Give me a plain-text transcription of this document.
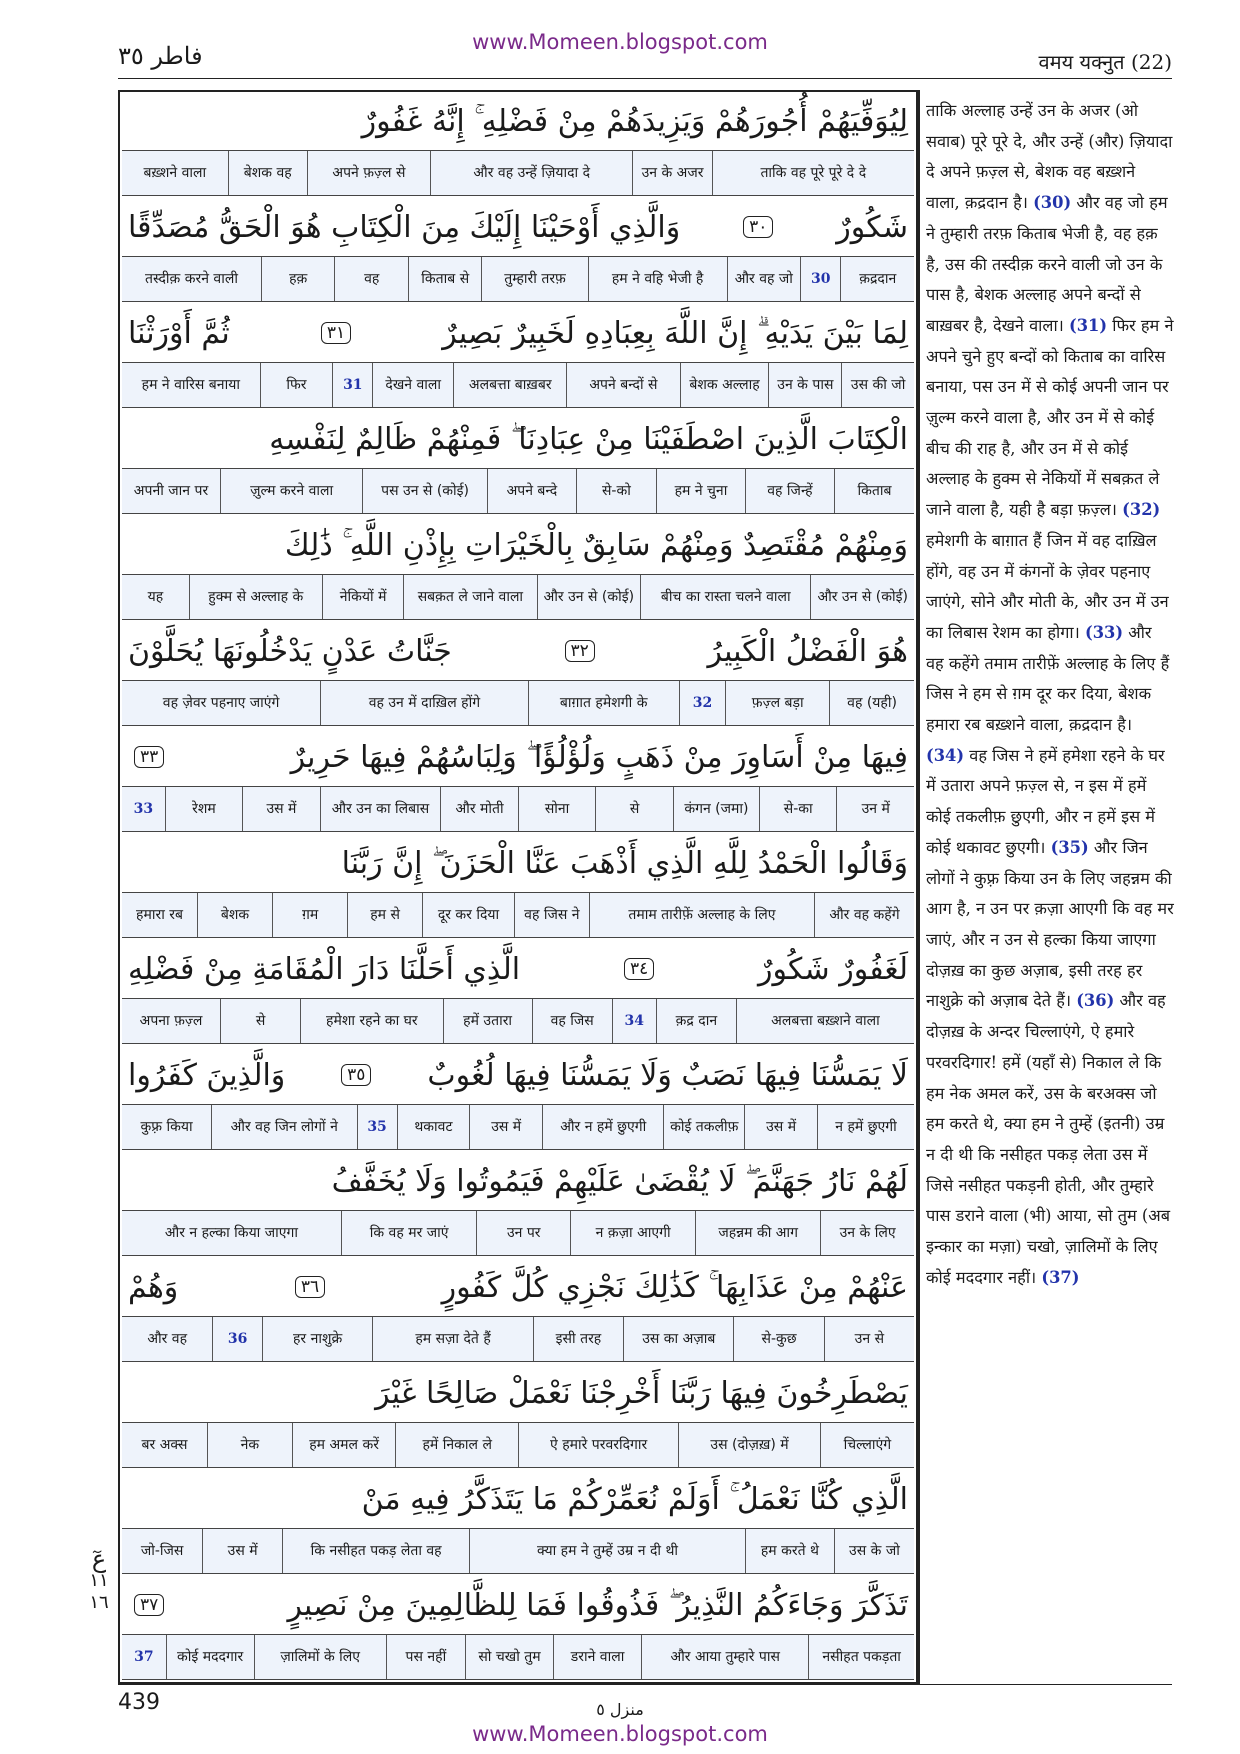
فاطر ٣٥	www.Momeen.blogspot.com
वमय यक्नुत (22)
لِيُوَفِّيَهُمْ أُجُورَهُمْ وَيَزِيدَهُمْ مِنْ فَضْلِهِ ۚ إِنَّهُ غَفُورٌ
ताकि वह पूरे पूरे दे दे
उन के अजर
और वह उन्हें ज़ियादा दे
अपने फ़ज़्ल से
बेशक वह
बख़्शने वाला
شَكُورٌ
٣٠
وَالَّذِي أَوْحَيْنَا إِلَيْكَ مِنَ الْكِتَابِ هُوَ الْحَقُّ مُصَدِّقًا
क़द्रदान
30
और वह जो
हम ने वहि भेजी है
तुम्हारी तरफ़
किताब से
वह
हक़
तस्दीक़ करने वाली
لِمَا بَيْنَ يَدَيْهِ ۗ إِنَّ اللَّهَ بِعِبَادِهِ لَخَبِيرٌ بَصِيرٌ
٣١
ثُمَّ أَوْرَثْنَا
उस की जो
उन के पास
बेशक अल्लाह
अपने बन्दों से
अलबत्ता बाख़बर
देखने वाला
31
फिर
हम ने वारिस बनाया
الْكِتَابَ الَّذِينَ اصْطَفَيْنَا مِنْ عِبَادِنَا ۖ فَمِنْهُمْ ظَالِمٌ لِنَفْسِهِ
किताब
वह जिन्हें
हम ने चुना
से-को
अपने बन्दे
पस उन से (कोई)
ज़ुल्म करने वाला
अपनी जान पर
وَمِنْهُمْ مُقْتَصِدٌ وَمِنْهُمْ سَابِقٌ بِالْخَيْرَاتِ بِإِذْنِ اللَّهِ ۚ ذَٰلِكَ
और उन से (कोई)
बीच का रास्ता चलने वाला
और उन से (कोई)
सबक़त ले जाने वाला
नेकियों में
हुक्म से अल्लाह के
यह
هُوَ الْفَضْلُ الْكَبِيرُ
٣٢
جَنَّاتُ عَدْنٍ يَدْخُلُونَهَا يُحَلَّوْنَ
वह (यही)
फ़ज़्ल बड़ा
32
बाग़ात हमेशगी के
वह उन में दाख़िल होंगे
वह ज़ेवर पहनाए जाएंगे
فِيهَا مِنْ أَسَاوِرَ مِنْ ذَهَبٍ وَلُؤْلُؤًا ۖ وَلِبَاسُهُمْ فِيهَا حَرِيرٌ
٣٣
उन में
से-का
कंगन (जमा)
से
सोना
और मोती
और उन का लिबास
उस में
रेशम
33
وَقَالُوا الْحَمْدُ لِلَّهِ الَّذِي أَذْهَبَ عَنَّا الْحَزَنَ ۖ إِنَّ رَبَّنَا
और वह कहेंगे
तमाम तारीफ़ें अल्लाह के लिए
वह जिस ने
दूर कर दिया
हम से
ग़म
बेशक
हमारा रब
لَغَفُورٌ شَكُورٌ
٣٤
الَّذِي أَحَلَّنَا دَارَ الْمُقَامَةِ مِنْ فَضْلِهِ
अलबत्ता बख़्शने वाला
क़द्र दान
34
वह जिस
हमें उतारा
हमेशा रहने का घर
से
अपना फ़ज़्ल
لَا يَمَسُّنَا فِيهَا نَصَبٌ وَلَا يَمَسُّنَا فِيهَا لُغُوبٌ
٣٥
وَالَّذِينَ كَفَرُوا
न हमें छुएगी
उस में
कोई तकलीफ़
और न हमें छुएगी
उस में
थकावट
35
और वह जिन लोगों ने
कुफ़्र किया
لَهُمْ نَارُ جَهَنَّمَ ۖ لَا يُقْضَىٰ عَلَيْهِمْ فَيَمُوتُوا وَلَا يُخَفَّفُ
उन के लिए
जहन्नम की आग
न क़ज़ा आएगी
उन पर
कि वह मर जाएं
और न हल्का किया जाएगा
عَنْهُمْ مِنْ عَذَابِهَا ۚ كَذَٰلِكَ نَجْزِي كُلَّ كَفُورٍ
٣٦
وَهُمْ
उन से
से-कुछ
उस का अज़ाब
इसी तरह
हम सज़ा देते हैं
हर नाशुक्रे
36
और वह
يَصْطَرِخُونَ فِيهَا رَبَّنَا أَخْرِجْنَا نَعْمَلْ صَالِحًا غَيْرَ
चिल्लाएंगे
उस (दोज़ख़) में
ऐ हमारे परवरदिगार
हमें निकाल ले
हम अमल करें
नेक
बर अक्स
الَّذِي كُنَّا نَعْمَلُ ۚ أَوَلَمْ نُعَمِّرْكُمْ مَا يَتَذَكَّرُ فِيهِ مَنْ
उस के जो
हम करते थे
क्या हम ने तुम्हें उम्र न दी थी
कि नसीहत पकड़ लेता वह
उस में
जो-जिस
تَذَكَّرَ وَجَاءَكُمُ النَّذِيرُ ۖ فَذُوقُوا فَمَا لِلظَّالِمِينَ مِنْ نَصِيرٍ
٣٧
नसीहत पकड़ता
और आया तुम्हारे पास
डराने वाला
सो चखो तुम
पस नहीं
ज़ालिमों के लिए
कोई मददगार
37
ताकि अल्लाह उन्हें उन के अजर (ओ सवाब) पूरे पूरे दे, और उन्हें (और) ज़ियादा दे अपने फ़ज़्ल से, बेशक वह बख़्शने वाला, क़द्रदान है। (30) और वह जो हम ने तुम्हारी तरफ़ किताब भेजी है, वह हक़ है, उस की तस्दीक़ करने वाली जो उन के पास है, बेशक अल्लाह अपने बन्दों से बाख़बर है, देखने वाला। (31) फिर हम ने अपने चुने हुए बन्दों को किताब का वारिस बनाया, पस उन में से कोई अपनी जान पर ज़ुल्म करने वाला है, और उन में से कोई बीच की राह है, और उन में से कोई अल्लाह के हुक्म से नेकियों में सबक़त ले जाने वाला है, यही है बड़ा फ़ज़्ल। (32) हमेशगी के बाग़ात हैं जिन में वह दाख़िल होंगे, वह उन में कंगनों के ज़ेवर पहनाए जाएंगे, सोने और मोती के, और उन में उन का लिबास रेशम का होगा। (33) और वह कहेंगे तमाम तारीफ़ें अल्लाह के लिए हैं जिस ने हम से ग़म दूर कर दिया, बेशक हमारा रब बख़्शने वाला, क़द्रदान है। (34) वह जिस ने हमें हमेशा रहने के घर में उतारा अपने फ़ज़्ल से, न इस में हमें कोई तकलीफ़ छुएगी, और न हमें इस में कोई थकावट छुएगी। (35) और जिन लोगों ने कुफ़्र किया उन के लिए जहन्नम की आग है, न उन पर क़ज़ा आएगी कि वह मर जाएं, और न उन से हल्का किया जाएगा दोज़ख़ का कुछ अज़ाब, इसी तरह हर नाशुक्रे को अज़ाब देते हैं। (36) और वह दोज़ख़ के अन्दर चिल्लाएंगे, ऐ हमारे परवरदिगार! हमें (यहाँ से) निकाल ले कि हम नेक अमल करें, उस के बरअक्स जो हम करते थे, क्या हम ने तुम्हें (इतनी) उम्र न दी थी कि नसीहत पकड़ लेता उस में जिसे नसीहत पकड़नी होती, और तुम्हारे पास डराने वाला (भी) आया, सो तुम (अब इन्कार का मज़ा) चखो, ज़ालिमों के लिए कोई मददगार नहीं। (37)
عٓ
١١
١٦
439	منزل ٥
www.Momeen.blogspot.com
